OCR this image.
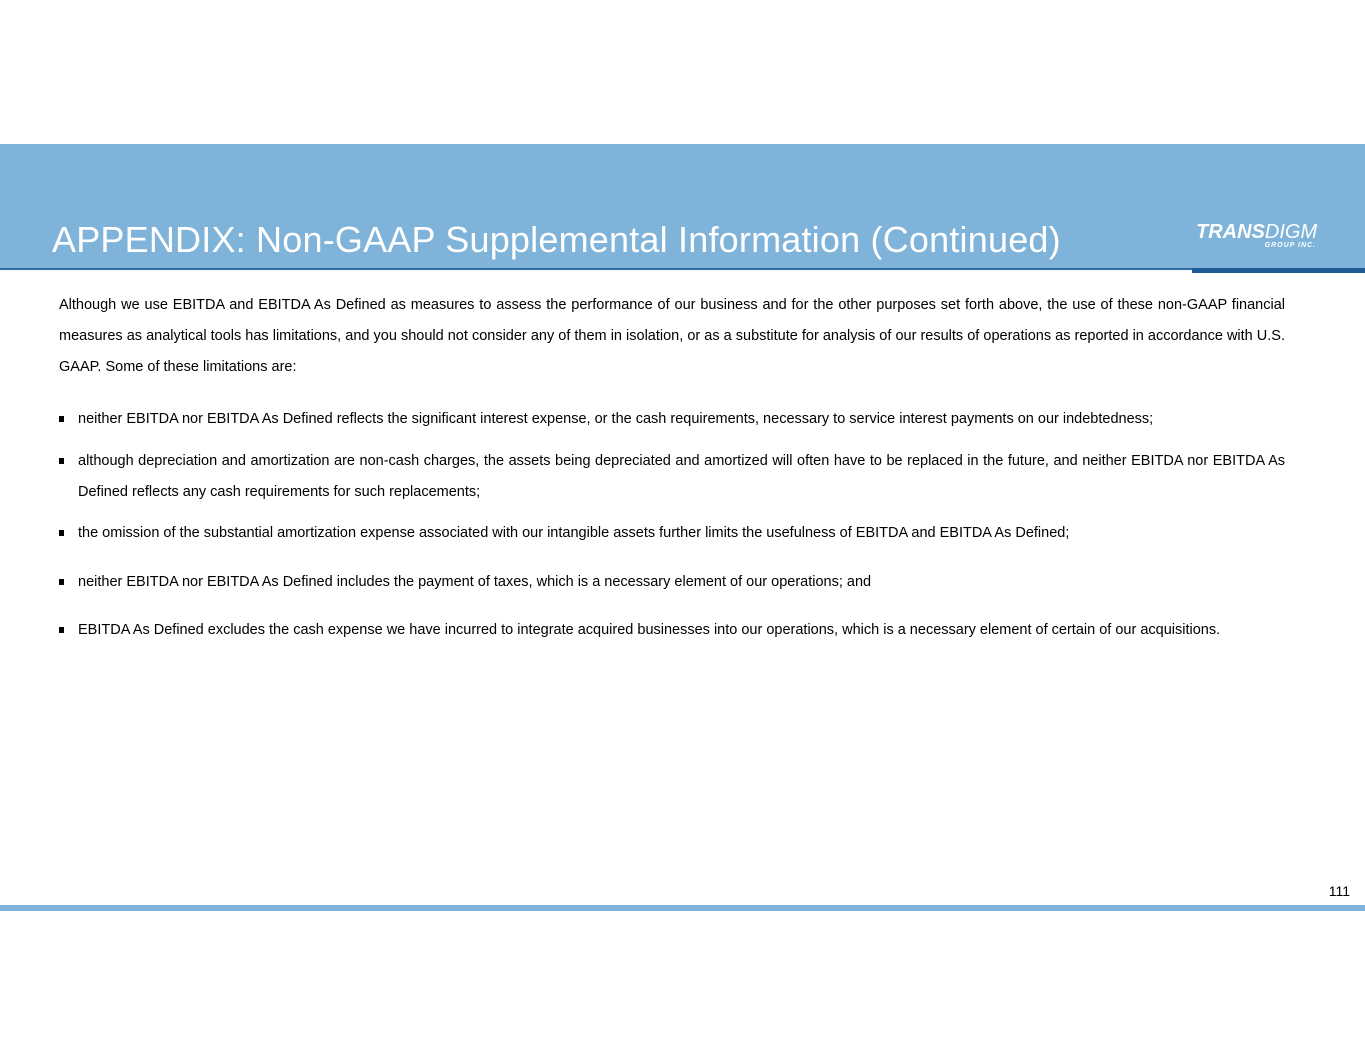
APPENDIX: Non-GAAP Supplemental Information (Continued)	TRANSDIGM
GROUP INC.

Although we use EBITDA and EBITDA As Defined as measures to assess the performance of our business and for the other purposes set forth above, the use of these non-GAAP financial measures as analytical tools has limitations, and you should not consider any of them in isolation, or as a substitute for analysis of our results of operations as reported in accordance with U.S. GAAP. Some of these limitations are:

neither EBITDA nor EBITDA As Defined reflects the significant interest expense, or the cash requirements, necessary to service interest payments on our indebtedness;
although depreciation and amortization are non-cash charges, the assets being depreciated and amortized will often have to be replaced in the future, and neither EBITDA nor EBITDA As Defined reflects any cash requirements for such replacements;
the omission of the substantial amortization expense associated with our intangible assets further limits the usefulness of EBITDA and EBITDA As Defined;
neither EBITDA nor EBITDA As Defined includes the payment of taxes, which is a necessary element of our operations; and
EBITDA As Defined excludes the cash expense we have incurred to integrate acquired businesses into our operations, which is a necessary element of certain of our acquisitions.
111
